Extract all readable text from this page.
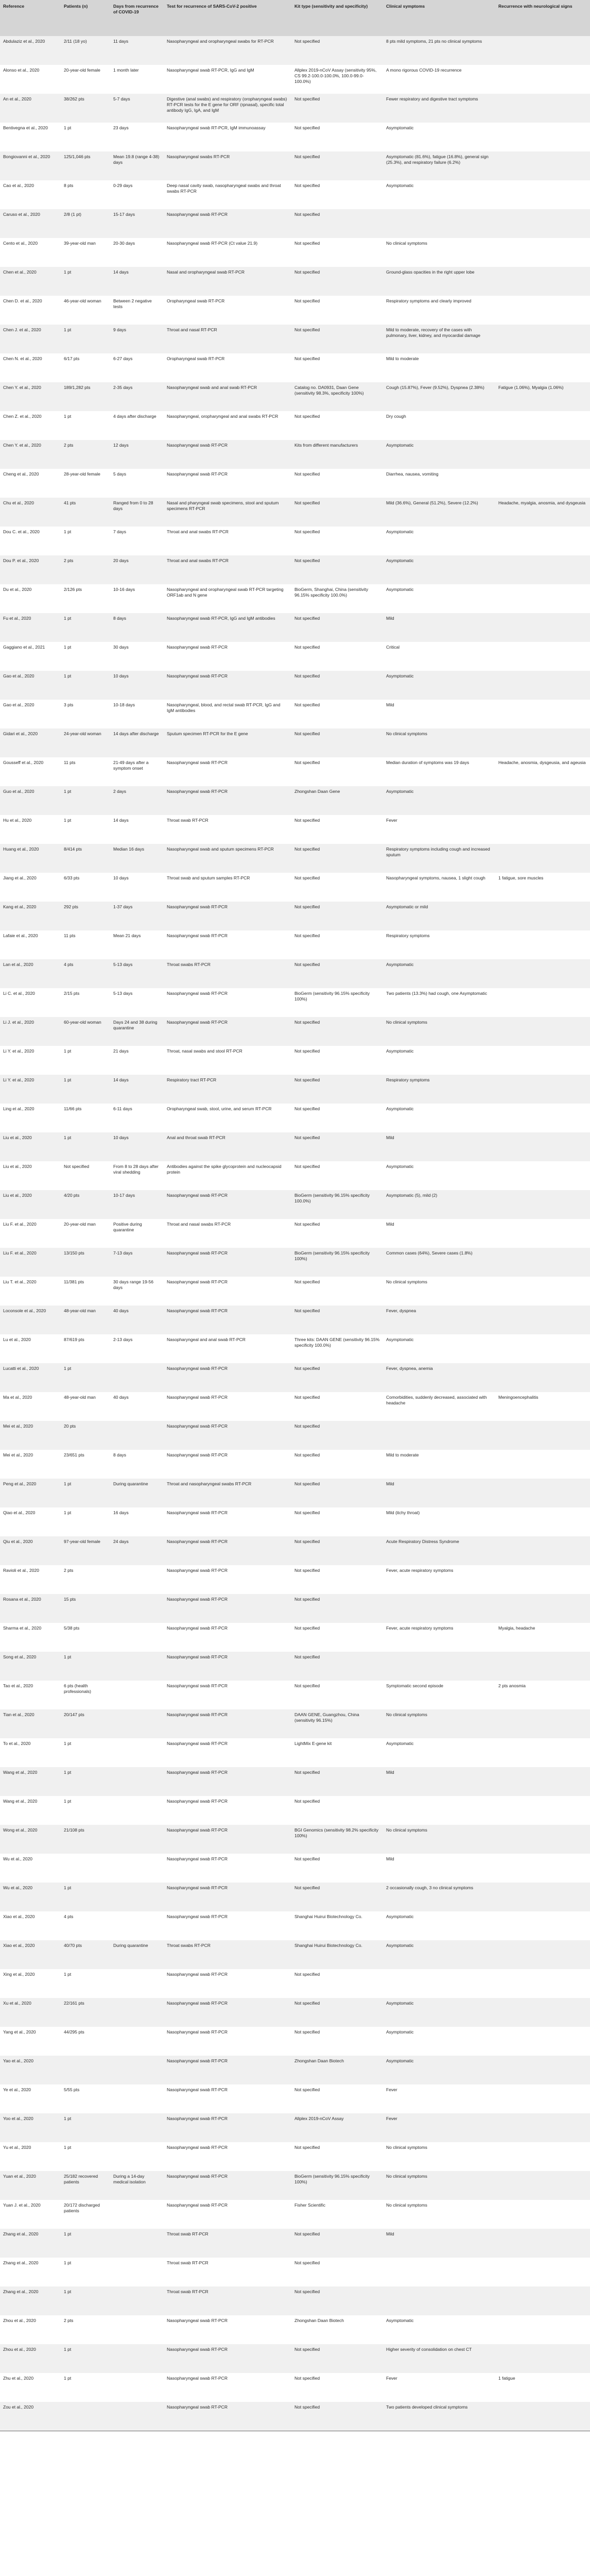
Reference	Patients (n)	Days from recurrence of COVID-19	Test for recurrence of SARS-CoV-2 positive	Kit type (sensitivity and specificity)	Clinical symptoms	Recurrence with neurological signs
Abdulaziz et al., 2020	2/11 (18 yo)	11 days	Nasopharyngeal and oropharyngeal swabs for RT-PCR	Not specified	8 pts mild symptoms, 21 pts no clinical symptoms	
Alonso et al., 2020	20-year-old female	1 month later	Nasopharyngeal swab RT-PCR, IgG and IgM	Allplex 2019-nCoV Assay (sensitivity 95%, CS 99.2-100.0-100.0%, 100.0-99.0-100.0%)	A mono rigorous COVID-19 recurrence	
An et al., 2020	38/262 pts	5-7 days	Digestive (anal swabs) and respiratory (oropharyngeal swabs) RT-PCR tests for the E gene for ORF (rpnasal), specific total antibody IgG, IgA, and IgM	Not specified	Fewer respiratory and digestive tract symptoms	
Bentivegna et al., 2020	1 pt	23 days	Nasopharyngeal swab RT-PCR, IgM immunoassay	Not specified	Asymptomatic	
Bongiovanni et al., 2020	125/1,046 pts	Mean 19.8 (range 4-38) days	Nasopharyngeal swabs RT-PCR	Not specified	Asymptomatic (81.6%), fatigue (16.8%), general sign (25.3%), and respiratory failure (6.2%)	
Cao et al., 2020	8 pts	0-29 days	Deep nasal cavity swab, nasopharyngeal swabs and throat swabs RT-PCR	Not specified	Asymptomatic	
Caruso et al., 2020	2/8 (1 pt)	15-17 days	Nasopharyngeal swab RT-PCR	Not specified		
Cento et al., 2020	39-year-old man	20-30 days	Nasopharyngeal swab RT-PCR (Ct value 21.9)	Not specified	No clinical symptoms	
Chen et al., 2020	1 pt	14 days	Nasal and oropharyngeal swab RT-PCR	Not specified	Ground-glass opacities in the right upper lobe	
Chen D. et al., 2020	46-year-old woman	Between 2 negative tests	Oropharyngeal swab RT-PCR	Not specified	Respiratory symptoms and clearly improved	
Chen J. et al., 2020	1 pt	9 days	Throat and nasal RT-PCR	Not specified	Mild to moderate, recovery of the cases with pulmonary, liver, kidney, and myocardial damage	
Chen N. et al., 2020	6/17 pts	6-27 days	Oropharyngeal swab RT-PCR	Not specified	Mild to moderate	
Chen Y. et al., 2020	189/1,282 pts	2-35 days	Nasopharyngeal swab and anal swab RT-PCR	Catalog no. DA0931, Daan Gene (sensitivity 98.3%, specificity 100%)	Cough (15.87%), Fever (9.52%), Dyspnea (2.38%)	Fatigue (1.06%), Myalgia (1.06%)
Chen Z. et al., 2020	1 pt	4 days after discharge	Nasopharyngeal, oropharyngeal and anal swabs RT-PCR	Not specified	Dry cough	
Chen Y. et al., 2020	2 pts	12 days	Nasopharyngeal swab RT-PCR	Kits from different manufacturers	Asymptomatic	
Cheng et al., 2020	28-year-old female	5 days	Nasopharyngeal swab RT-PCR	Not specified	Diarrhea, nausea, vomiting	
Chu et al., 2020	41 pts	Ranged from 0 to 28 days	Nasal and pharyngeal swab specimens, stool and sputum specimens RT-PCR	Not specified	Mild (36.6%), General (51.2%), Severe (12.2%)	Headache, myalgia, anosmia, and dysgeusia
Dou C. et al., 2020	1 pt	7 days	Throat and anal swabs RT-PCR	Not specified	Asymptomatic	
Dou P. et al., 2020	2 pts	20 days	Throat and anal swabs RT-PCR	Not specified	Asymptomatic	
Du et al., 2020	2/126 pts	10-16 days	Nasopharyngeal and oropharyngeal swab RT-PCR targeting ORF1ab and N gene	BioGerm, Shanghai, China (sensitivity 96.15% specificity 100.0%)	Asymptomatic	
Fu et al., 2020	1 pt	8 days	Nasopharyngeal swab RT-PCR, IgG and IgM antibodies	Not specified	Mild	
Gaggiano et al., 2021	1 pt	30 days	Nasopharyngeal swab RT-PCR	Not specified	Critical	
Gao et al., 2020	1 pt	10 days	Nasopharyngeal swab RT-PCR	Not specified	Asymptomatic	
Gao et al., 2020	3 pts	10-18 days	Nasopharyngeal, blood, and rectal swab RT-PCR, IgG and IgM antibodies	Not specified	Mild	
Gidari et al., 2020	24-year-old woman	14 days after discharge	Sputum specimen RT-PCR for the E gene	Not specified	No clinical symptoms	
Gousseff et al., 2020	11 pts	21-49 days after a symptom onset	Nasopharyngeal swab RT-PCR	Not specified	Median duration of symptoms was 19 days	Headache, anosmia, dysgeusia, and ageusia
Guo et al., 2020	1 pt	2 days	Nasopharyngeal swab RT-PCR	Zhongshan Daan Gene	Asymptomatic	
Hu et al., 2020	1 pt	14 days	Throat swab RT-PCR	Not specified	Fever	
Huang et al., 2020	8/414 pts	Median 16 days	Nasopharyngeal swab and sputum specimens RT-PCR	Not specified	Respiratory symptoms including cough and increased sputum	
Jiang et al., 2020	6/33 pts	10 days	Throat swab and sputum samples RT-PCR	Not specified	Nasopharyngeal symptoms, nausea, 1 slight cough	1 fatigue, sore muscles
Kang et al., 2020	292 pts	1-37 days	Nasopharyngeal swab RT-PCR	Not specified	Asymptomatic or mild	
Lafaie et al., 2020	11 pts	Mean 21 days	Nasopharyngeal swab RT-PCR	Not specified	Respiratory symptoms	
Lan et al., 2020	4 pts	5-13 days	Throat swabs RT-PCR	Not specified	Asymptomatic	
Li C. et al., 2020	2/15 pts	5-13 days	Nasopharyngeal swab RT-PCR	BioGerm (sensitivity 96.15% specificity 100%)	Two patients (13.3%) had cough, one Asymptomatic	
Li J. et al., 2020	60-year-old woman	Days 24 and 38 during quarantine	Nasopharyngeal swab RT-PCR	Not specified	No clinical symptoms	
Li Y. et al., 2020	1 pt	21 days	Throat, nasal swabs and stool RT-PCR	Not specified	Asymptomatic	
Li Y. et al., 2020	1 pt	14 days	Respiratory tract RT-PCR	Not specified	Respiratory symptoms	
Ling et al., 2020	11/66 pts	6-11 days	Oropharyngeal swab, stool, urine, and serum RT-PCR	Not specified	Asymptomatic	
Liu et al., 2020	1 pt	10 days	Anal and throat swab RT-PCR	Not specified	Mild	
Liu et al., 2020	Not specified	From 8 to 28 days after viral shedding	Antibodies against the spike glycoprotein and nucleocapsid protein	Not specified	Asymptomatic	
Liu et al., 2020	4/20 pts	10-17 days	Nasopharyngeal swab RT-PCR	BioGerm (sensitivity 96.15% specificity 100.0%)	Asymptomatic (5), mild (2)	
Liu F. et al., 2020	20-year-old man	Positive during quarantine	Throat and nasal swabs RT-PCR	Not specified	Mild	
Liu F. et al., 2020	13/150 pts	7-13 days	Nasopharyngeal swab RT-PCR	BioGerm (sensitivity 96.15% specificity 100%)	Common cases (64%), Severe cases (1.8%)	
Liu T. et al., 2020	11/381 pts	30 days range 19-56 days	Nasopharyngeal swab RT-PCR	Not specified	No clinical symptoms	
Loconsole et al., 2020	48-year-old man	40 days	Nasopharyngeal swab RT-PCR	Not specified	Fever, dyspnea	
Lu et al., 2020	87/619 pts	2-13 days	Nasopharyngeal and anal swab RT-PCR	Three kits: DAAN GENE (sensitivity 96.15% specificity 100.0%)	Asymptomatic	
Lucatti et al., 2020	1 pt		Nasopharyngeal swab RT-PCR	Not specified	Fever, dyspnea, anemia	
Ma et al., 2020	48-year-old man	40 days	Nasopharyngeal swab RT-PCR	Not specified	Comorbidities, suddenly decreased, associated with headache	Meningoencephalitis
Mei et al., 2020	20 pts		Nasopharyngeal swab RT-PCR	Not specified		
Mei et al., 2020	23/651 pts	8 days	Nasopharyngeal swab RT-PCR	Not specified	Mild to moderate	
Peng et al., 2020	1 pt	During quarantine	Throat and nasopharyngeal swabs RT-PCR	Not specified	Mild	
Qiao et al., 2020	1 pt	16 days	Nasopharyngeal swab RT-PCR	Not specified	Mild (itchy throat)	
Qiu et al., 2020	97-year-old female	24 days	Nasopharyngeal swab RT-PCR	Not specified	Acute Respiratory Distress Syndrome	
Ravioli et al., 2020	2 pts		Nasopharyngeal swab RT-PCR	Not specified	Fever, acute respiratory symptoms	
Rosana et al., 2020	15 pts		Nasopharyngeal swab RT-PCR	Not specified		
Sharma et al., 2020	5/38 pts		Nasopharyngeal swab RT-PCR	Not specified	Fever, acute respiratory symptoms	Myalgia, headache
Song et al., 2020	1 pt		Nasopharyngeal swab RT-PCR	Not specified		
Tao et al., 2020	6 pts (health professionals)		Nasopharyngeal swab RT-PCR	Not specified	Symptomatic second episode	2 pts anosmia
Tian et al., 2020	20/147 pts		Nasopharyngeal swab RT-PCR	DAAN GENE, Guangzhou, China (sensitivity 96.15%)	No clinical symptoms	
To et al., 2020	1 pt		Nasopharyngeal swab RT-PCR	LightMix E-gene kit	Asymptomatic	
Wang et al., 2020	1 pt		Nasopharyngeal swab RT-PCR	Not specified	Mild	
Wang et al., 2020	1 pt		Nasopharyngeal swab RT-PCR	Not specified		
Wong et al., 2020	21/108 pts		Nasopharyngeal swab RT-PCR	BGI Genomics (sensitivity 98.2% specificity 100%)	No clinical symptoms	
Wu et al., 2020			Nasopharyngeal swab RT-PCR	Not specified	Mild	
Wu et al., 2020	1 pt		Nasopharyngeal swab RT-PCR	Not specified	2 occasionally cough, 3 no clinical symptoms	
Xiao et al., 2020	4 pts		Nasopharyngeal swab RT-PCR	Shanghai Huirui Biotechnology Co.	Asymptomatic	
Xiao et al., 2020	40/70 pts	During quarantine	Throat swabs RT-PCR	Shanghai Huirui Biotechnology Co.	Asymptomatic	
Xing et al., 2020	1 pt		Nasopharyngeal swab RT-PCR	Not specified		
Xu et al., 2020	22/161 pts		Nasopharyngeal swab RT-PCR	Not specified	Asymptomatic	
Yang et al., 2020	44/295 pts		Nasopharyngeal swab RT-PCR	Not specified	Asymptomatic	
Yao et al., 2020			Nasopharyngeal swab RT-PCR	Zhongshan Daan Biotech	Asymptomatic	
Ye et al., 2020	5/55 pts		Nasopharyngeal swab RT-PCR	Not specified	Fever	
Yoo et al., 2020	1 pt		Nasopharyngeal swab RT-PCR	Allplex 2019-nCoV Assay	Fever	
Yu et al., 2020	1 pt		Nasopharyngeal swab RT-PCR	Not specified	No clinical symptoms	
Yuan et al., 2020	25/182 recovered patients	During a 14-day medical isolation	Nasopharyngeal swab RT-PCR	BioGerm (sensitivity 96.15% specificity 100%)	No clinical symptoms	
Yuan J. et al., 2020	20/172 discharged patients		Nasopharyngeal swab RT-PCR	Fisher Scientific	No clinical symptoms	
Zhang et al., 2020	1 pt		Throat swab RT-PCR	Not specified	Mild	
Zhang et al., 2020	1 pt		Throat swab RT-PCR	Not specified		
Zhang et al., 2020	1 pt		Throat swab RT-PCR	Not specified		
Zhou et al., 2020	2 pts		Nasopharyngeal swab RT-PCR	Zhongshan Daan Biotech	Asymptomatic	
Zhou et al., 2020	1 pt		Nasopharyngeal swab RT-PCR	Not specified	Higher severity of consolidation on chest CT	
Zhu et al., 2020	1 pt		Nasopharyngeal swab RT-PCR	Not specified	Fever	1 fatigue
Zou et al., 2020			Nasopharyngeal swab RT-PCR	Not specified	Two patients developed clinical symptoms	
